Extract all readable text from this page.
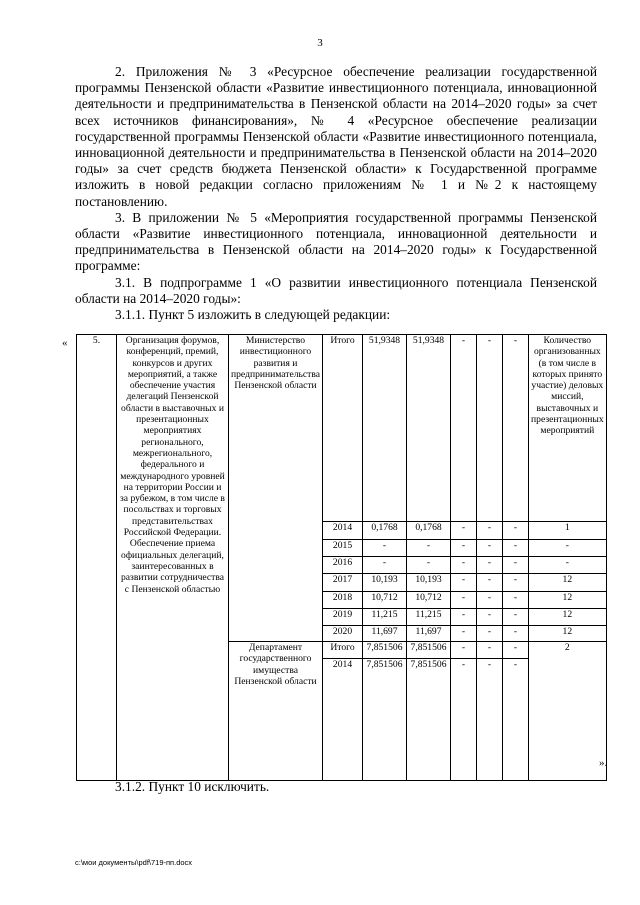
3

2. Приложения № 3 «Ресурсное обеспечение реализации государственной программы Пензенской области «Развитие инвестиционного потенциала, инновационной деятельности и предпринимательства в Пензенской области на 2014–2020 годы» за счет всех источников финансирования», № 4 «Ресурсное обеспечение реализации государственной программы Пензенской области «Развитие инвестиционного потенциала, инновационной деятельности и предпринимательства в Пензенской области на 2014–2020 годы» за счет средств бюджета Пензенской области» к Государственной программе изложить в новой редакции согласно приложениям № 1 и №2 к настоящему постановлению.

3. В приложении № 5 «Мероприятия государственной программы Пензенской области «Развитие инвестиционного потенциала, инновационной деятельности и предпринимательства в Пензенской области на 2014–2020 годы» к Государственной программе:

3.1. В подпрограмме 1 «О развитии инвестиционного потенциала Пензенской области на 2014–2020 годы»:

3.1.1. Пункт 5 изложить в следующей редакции:

«	5.	Организация форумов, конференций, премий, конкурсов и других мероприятий, а также обеспечение участия делегаций Пензенской области в выставочных и презентационных мероприятиях регионального, межрегионального, федерального и международного уровней на территории России и за рубежом, в том числе в посольствах и торговых представительствах Российской Федерации. Обеспечение приема официальных делегаций, заинтересованных в развитии сотрудничества с Пензенской областью	Министерство инвестиционного развития и предпринимательства Пензенской области	Итого	51,9348	51,9348	-	-	-	Количество организованных (в том числе в которых принято участие) деловых миссий, выставочных и презентационных мероприятий
			2014	0,1768	0,1768	-	-	-	1
			2015	-	-	-	-	-	-
			2016	-	-	-	-	-	-
			2017	10,193	10,193	-	-	-	12
			2018	10,712	10,712	-	-	-	12
			2019	11,215	11,215	-	-	-	12
			2020	11,697	11,697	-	-	-	12
		Департамент государственного имущества Пензенской области	Итого	7,851506	7,851506	-	-	-	2
			2014	7,851506	7,851506	-	-	-	
».
3.1.2. Пункт 10 исключить.
c:\мои документы\pdf\719-пп.docx
